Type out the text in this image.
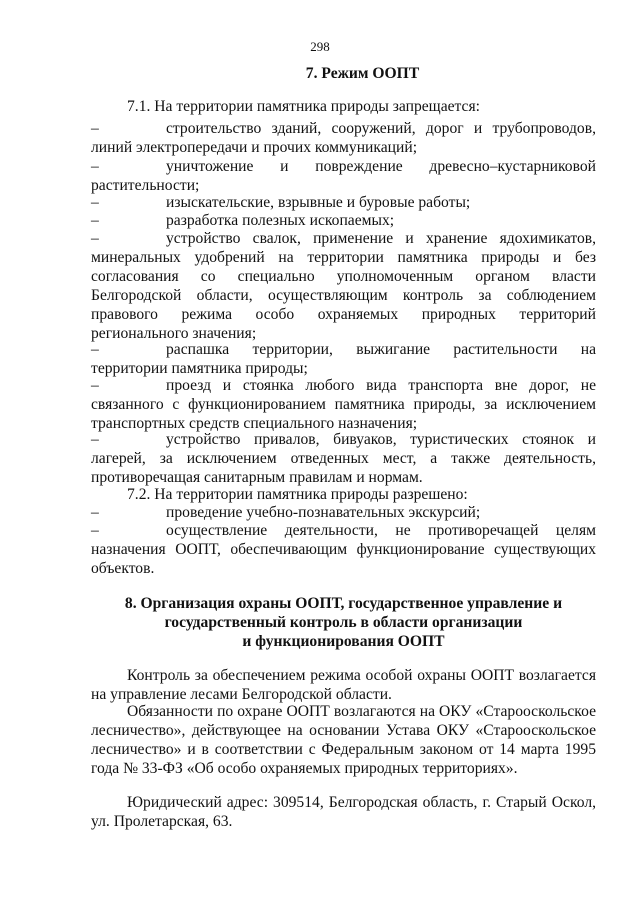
298
7. Режим ООПТ
7.1. На территории памятника природы запрещается:
–	строительство зданий, сооружений, дорог и трубопроводов, линий электропередачи и прочих коммуникаций;
–	уничтожение и повреждение древесно–кустарниковой растительности;
–	изыскательские, взрывные и буровые работы;
–	разработка полезных ископаемых;
–	устройство свалок, применение и хранение ядохимикатов, минеральных удобрений на территории памятника природы и без согласования со специально уполномоченным органом власти Белгородской области, осуществляющим контроль за соблюдением правового режима особо охраняемых природных территорий регионального значения;
–	распашка территории, выжигание растительности на территории памятника природы;
–	проезд и стоянка любого вида транспорта вне дорог, не связанного с функционированием памятника природы, за исключением транспортных средств специального назначения;
–	устройство привалов, бивуаков, туристических стоянок и лагерей, за исключением отведенных мест, а также деятельность, противоречащая санитарным правилам и нормам.
7.2. На территории памятника природы разрешено:
–	проведение учебно-познавательных экскурсий;
–	осуществление деятельности, не противоречащей целям назначения ООПТ, обеспечивающим функционирование существующих объектов.
8. Организация охраны ООПТ, государственное управление и
государственный контроль в области организации
и функционирования ООПТ
Контроль за обеспечением режима особой охраны ООПТ возлагается на управление лесами Белгородской области.
Обязанности по охране ООПТ возлагаются на ОКУ «Старооскольское лесничество», действующее на основании Устава ОКУ «Старооскольское лесничество» и в соответствии с Федеральным законом от 14 марта 1995 года № 33-ФЗ «Об особо охраняемых природных территориях».
Юридический адрес: 309514, Белгородская область, г. Старый Оскол, ул. Пролетарская, 63.
